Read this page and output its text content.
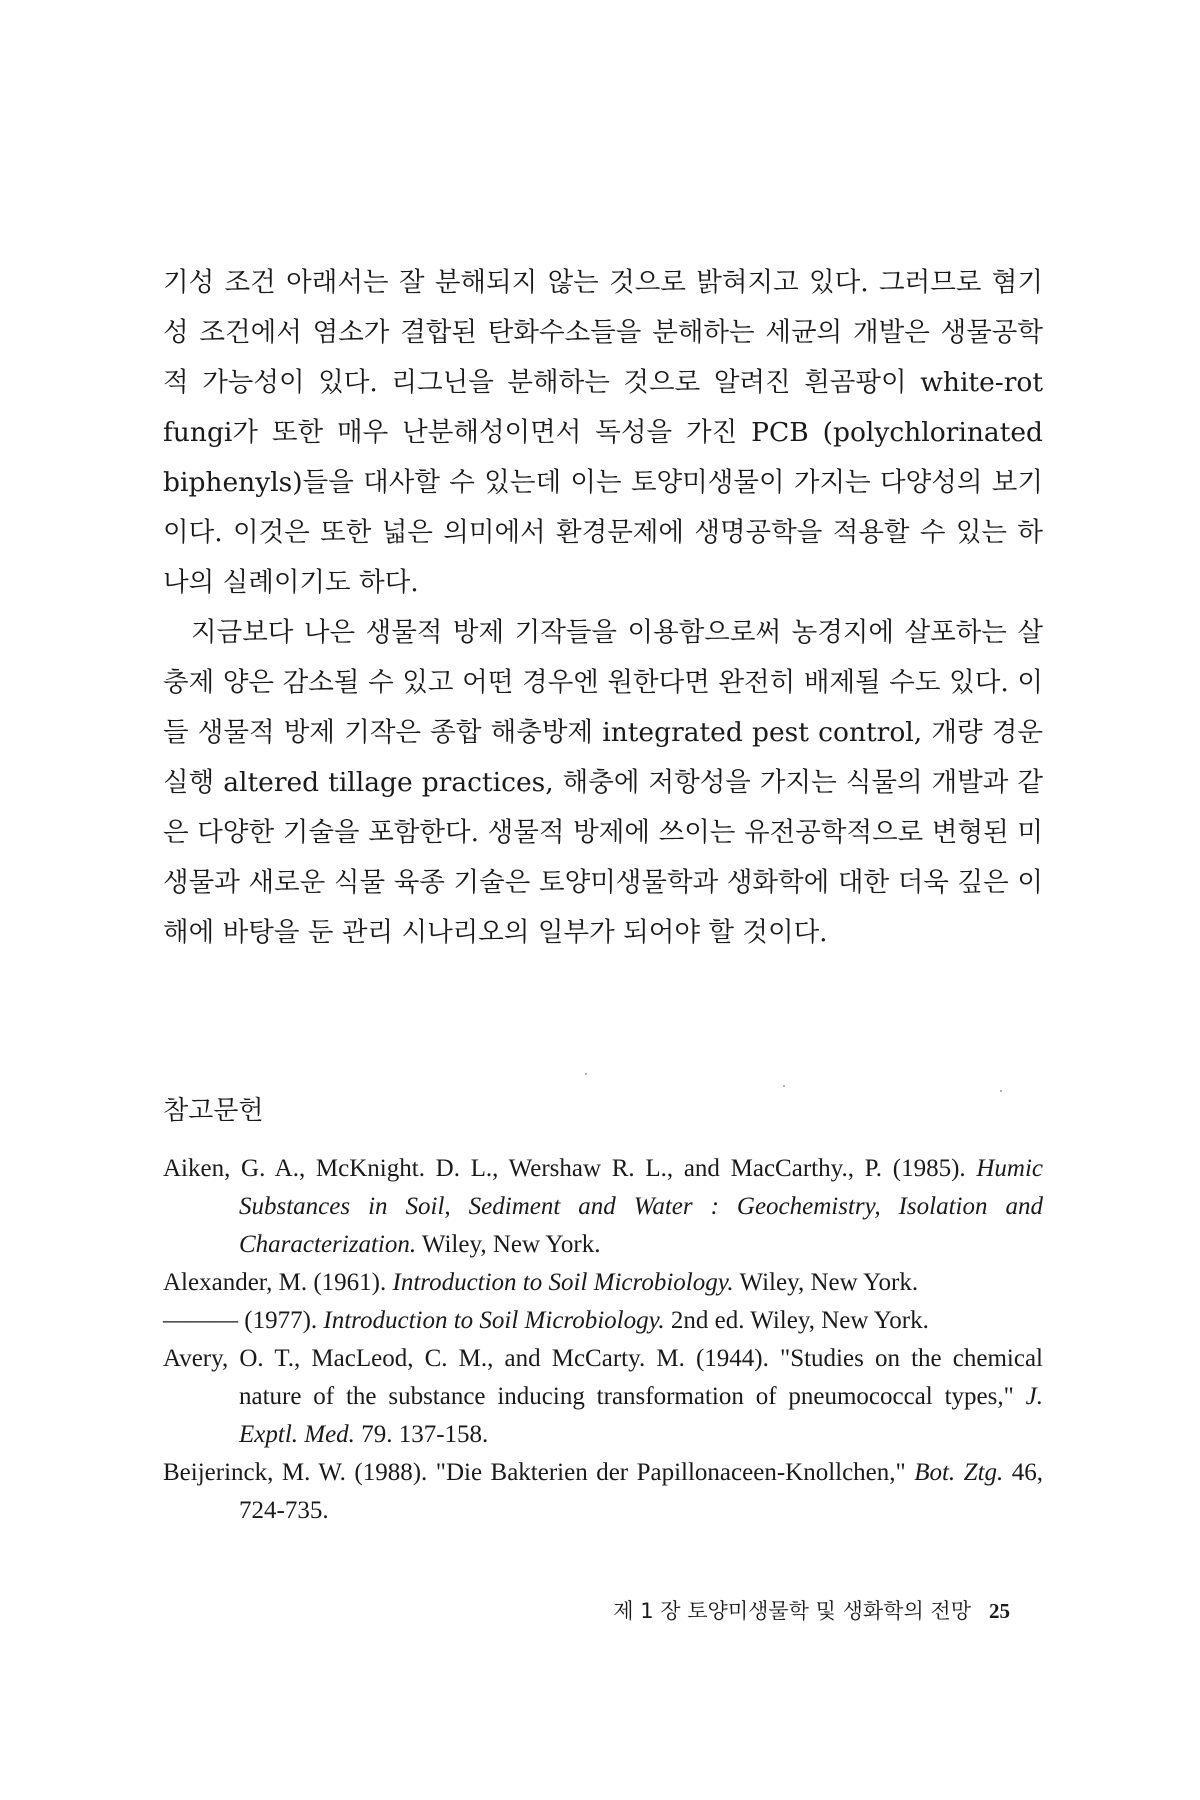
기성 조건 아래서는 잘 분해되지 않는 것으로 밝혀지고 있다. 그러므로 혐기성 조건에서 염소가 결합된 탄화수소들을 분해하는 세균의 개발은 생물공학적 가능성이 있다. 리그닌을 분해하는 것으로 알려진 흰곰팡이 white-rot fungi가 또한 매우 난분해성이면서 독성을 가진 PCB (polychlorinated biphenyls)들을 대사할 수 있는데 이는 토양미생물이 가지는 다양성의 보기이다. 이것은 또한 넓은 의미에서 환경문제에 생명공학을 적용할 수 있는 하나의 실례이기도 하다.

지금보다 나은 생물적 방제 기작들을 이용함으로써 농경지에 살포하는 살충제 양은 감소될 수 있고 어떤 경우엔 원한다면 완전히 배제될 수도 있다. 이들 생물적 방제 기작은 종합 해충방제 integrated pest control, 개량 경운실행 altered tillage practices, 해충에 저항성을 가지는 식물의 개발과 같은 다양한 기술을 포함한다. 생물적 방제에 쓰이는 유전공학적으로 변형된 미생물과 새로운 식물 육종 기술은 토양미생물학과 생화학에 대한 더욱 깊은 이해에 바탕을 둔 관리 시나리오의 일부가 되어야 할 것이다.

참고문헌
Aiken, G. A., McKnight. D. L., Wershaw R. L., and MacCarthy., P. (1985). Humic Substances in Soil, Sediment and Water : Geochemistry, Isolation and Characterization. Wiley, New York.
Alexander, M. (1961). Introduction to Soil Microbiology. Wiley, New York.
——— (1977). Introduction to Soil Microbiology. 2nd ed. Wiley, New York.
Avery, O. T., MacLeod, C. M., and McCarty. M. (1944). "Studies on the chemical nature of the substance inducing transformation of pneumococcal types," J. Exptl. Med. 79. 137-158.
Beijerinck, M. W. (1988). "Die Bakterien der Papillonaceen-Knollchen," Bot. Ztg. 46, 724-735.
제 1 장 토양미생물학 및 생화학의 전망 25
